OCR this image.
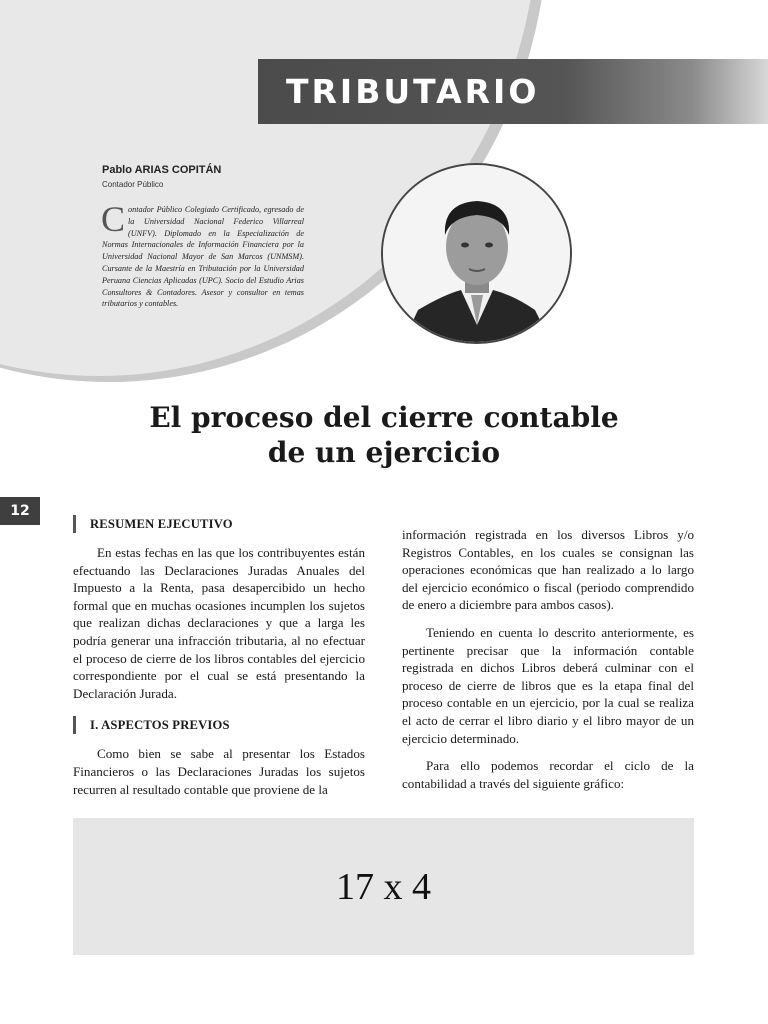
TRIBUTARIO
Pablo ARIAS COPITÁN
Contador Público
Contador Público Colegiado Certificado, egresado de la Universidad Nacional Federico Villarreal (UNFV). Diplomado en la Especialización de Normas Internacionales de Información Financiera por la Universidad Nacional Mayor de San Marcos (UNMSM). Cursante de la Maestría en Tributación por la Universidad Peruana Ciencias Aplicadas (UPC). Socio del Estudio Arias Consultores & Contadores. Asesor y consultor en temas tributarios y contables.
El proceso del cierre contable
de un ejercicio
12
RESUMEN EJECUTIVO

En estas fechas en las que los contribuyentes están efectuando las Declaraciones Juradas Anuales del Impuesto a la Renta, pasa desapercibido un hecho formal que en muchas ocasiones incumplen los sujetos que realizan dichas declaraciones y que a larga les podría generar una infracción tributaria, al no efectuar el proceso de cierre de los libros contables del ejercicio correspondiente por el cual se está presentando la Declaración Jurada.

I. ASPECTOS PREVIOS

Como bien se sabe al presentar los Estados Financieros o las Declaraciones Juradas los sujetos recurren al resultado contable que proviene de la

información registrada en los diversos Libros y/o Registros Contables, en los cuales se consignan las operaciones económicas que han realizado a lo largo del ejercicio económico o fiscal (periodo comprendido de enero a diciembre para ambos casos).

Teniendo en cuenta lo descrito anteriormente, es pertinente precisar que la información contable registrada en dichos Libros deberá culminar con el proceso de cierre de libros que es la etapa final del proceso contable en un ejercicio, por la cual se realiza el acto de cerrar el libro diario y el libro mayor de un ejercicio determinado.

Para ello podemos recordar el ciclo de la contabilidad a través del siguiente gráfico:

17 x 4
